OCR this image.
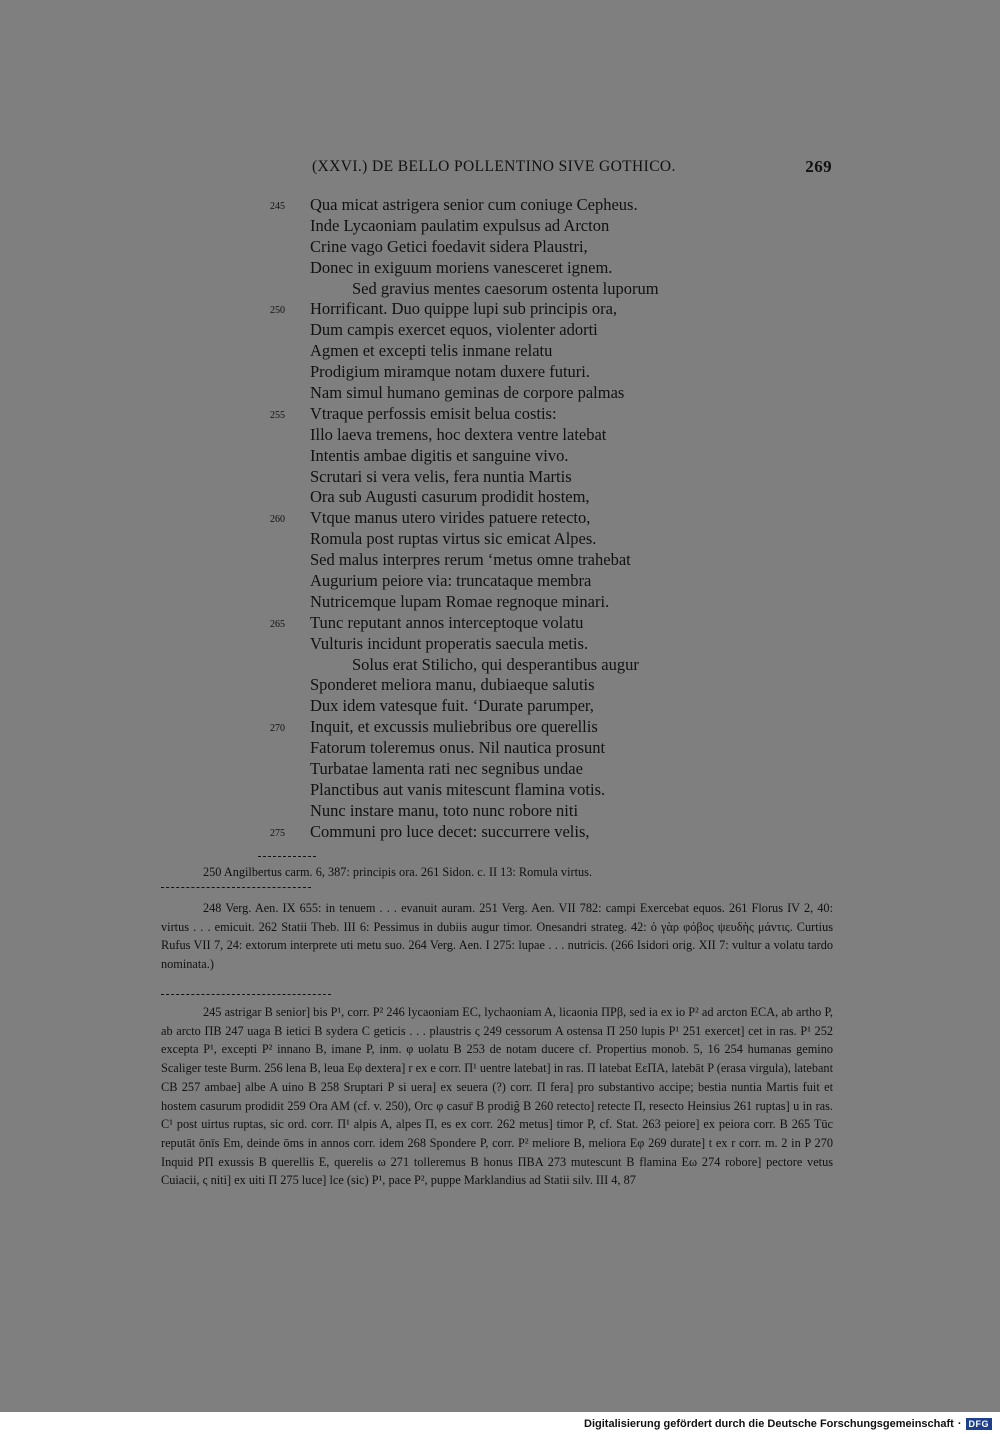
(XXVI.) DE BELLO POLLENTINO SIVE GOTHICO.	269
245 Qua micat astrigera senior cum coniuge Cepheus.
Inde Lycaoniam paulatim expulsus ad Arcton
Crine vago Getici foedavit sidera Plaustri,
Donec in exiguum moriens vanesceret ignem.
Sed gravius mentes caesorum ostenta luporum
250 Horrificant. Duo quippe lupi sub principis ora,
Dum campis exercet equos, violenter adorti
Agmen et excepti telis inmane relatu
Prodigium miramque notam duxere futuri.
Nam simul humano geminas de corpore palmas
255 Vtraque perfossis emisit belua costis:
Illo laeva tremens, hoc dextera ventre latebat
Intentis ambae digitis et sanguine vivo.
Scrutari si vera velis, fera nuntia Martis
Ora sub Augusti casurum prodidit hostem,
260 Vtque manus utero virides patuere retecto,
Romula post ruptas virtus sic emicat Alpes.
Sed malus interpres rerum ‘metus omne trahebat
Augurium peiore via: truncataque membra
Nutricemque lupam Romae regnoque minari.
265 Tunc reputant annos interceptoque volatu
Vulturis incidunt properatis saecula metis.
Solus erat Stilicho, qui desperantibus augur
Sponderet meliora manu, dubiaeque salutis
Dux idem vatesque fuit. ‘Durate parumper,
270 Inquit, et excussis muliebribus ore querellis
Fatorum toleremus onus. Nil nautica prosunt
Turbatae lamenta rati nec segnibus undae
Planctibus aut vanis mitescunt flamina votis.
Nunc instare manu, toto nunc robore niti
275 Communi pro luce decet: succurrere velis,

250 Angilbertus carm. 6, 387: principis ora. 261 Sidon. c. II 13: Romula virtus.

248 Verg. Aen. IX 655: in tenuem . . . evanuit auram. 251 Verg. Aen. VII 782: campi Exercebat equos. 261 Florus IV 2, 40: virtus . . . emicuit. 262 Statii Theb. III 6: Pessimus in dubiis augur timor. Onesandri strateg. 42: ὁ γὰρ φόβος ψευδὴς μάντις. Curtius Rufus VII 7, 24: extorum interprete uti metu suo. 264 Verg. Aen. I 275: lupae . . . nutricis. (266 Isidori orig. XII 7: vultur a volatu tardo nominata.)

245 astrigar B senior] bis P¹, corr. P² 246 lycaoniam EC, lychaoniam A, licaonia ΠPβ, sed ia ex io P² ad arcton ECA, ab artho P, ab arcto ΠB 247 uaga B ietici B sydera C geticis . . . plaustris ς 249 cessorum A ostensa Π 250 lupis P¹ 251 exercet] cet in ras. P¹ 252 excepta P¹, excepti P² innano B, imane P, inm. φ uolatu B 253 de notam ducere cf. Propertius monob. 5, 16 254 humanas gemino Scaliger teste Burm. 256 lena B, leua Eφ dextera] r ex e corr. Π¹ uentre latebat] in ras. Π latebat EεΠA, latebāt P (erasa virgula), latebant CB 257 ambae] albe A uino B 258 Sruptari P si uera] ex seuera (?) corr. Π fera] pro substantivo accipe; bestia nuntia Martis fuit et hostem casurum prodidit 259 Ora AM (cf. v. 250), Orc φ casur̄ B prodig̃ B 260 retecto] retecte Π, resecto Heinsius 261 ruptas] u in ras. C¹ post uirtus ruptas, sic ord. corr. Π¹ alpis A, alpes Π, es ex corr. 262 metus] timor P, cf. Stat. 263 peiore] ex peiora corr. B 265 Tūc reputāt ōnīs Em, deinde ōms in annos corr. idem 268 Spondere P, corr. P² meliore B, meliora Eφ 269 durate] t ex r corr. m. 2 in P 270 Inquid PΠ exussis B querellis E, querelis ω 271 tolleremus B honus ΠBA 273 mutescunt B flamina Eω 274 robore] pectore vetus Cuiacii, ς niti] ex uiti Π 275 luce] lce (sic) P¹, pace P², puppe Marklandius ad Statii silv. III 4, 87

Digitalisierung gefördert durch die Deutsche Forschungsgemeinschaft · DFG
